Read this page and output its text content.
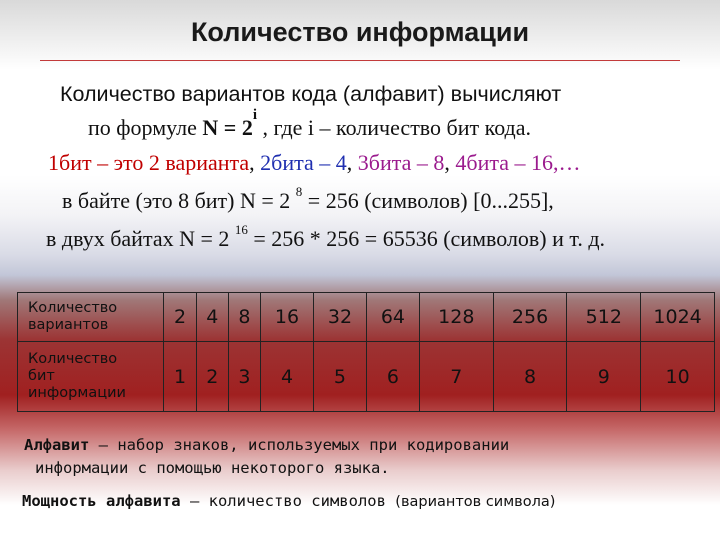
Количество информации
Количество вариантов кода (алфавит) вычисляют
по формуле $N = 2^i$ , где i – количество бит кода.
1бит – это 2 варианта, 2бита – 4, 3бита – 8, 4бита – 16,…
в байте (это 8 бит) N = 2 $^8$ = 256 (символов) [0...255],
в двух байтах N = 2 $^{16}$ = 256 * 256 = 65536 (символов) и т. д.
Количество
вариантов	2	4	8	16	32	64	128	256	512	1024

Количество
бит
информации	1	2	3	4	5	6	7	8	9	10
Алфавит – набор знаков, используемых при кодировании
информации с помощью некоторого языка.
Мощность алфавита – количество символов (вариантов символа)
